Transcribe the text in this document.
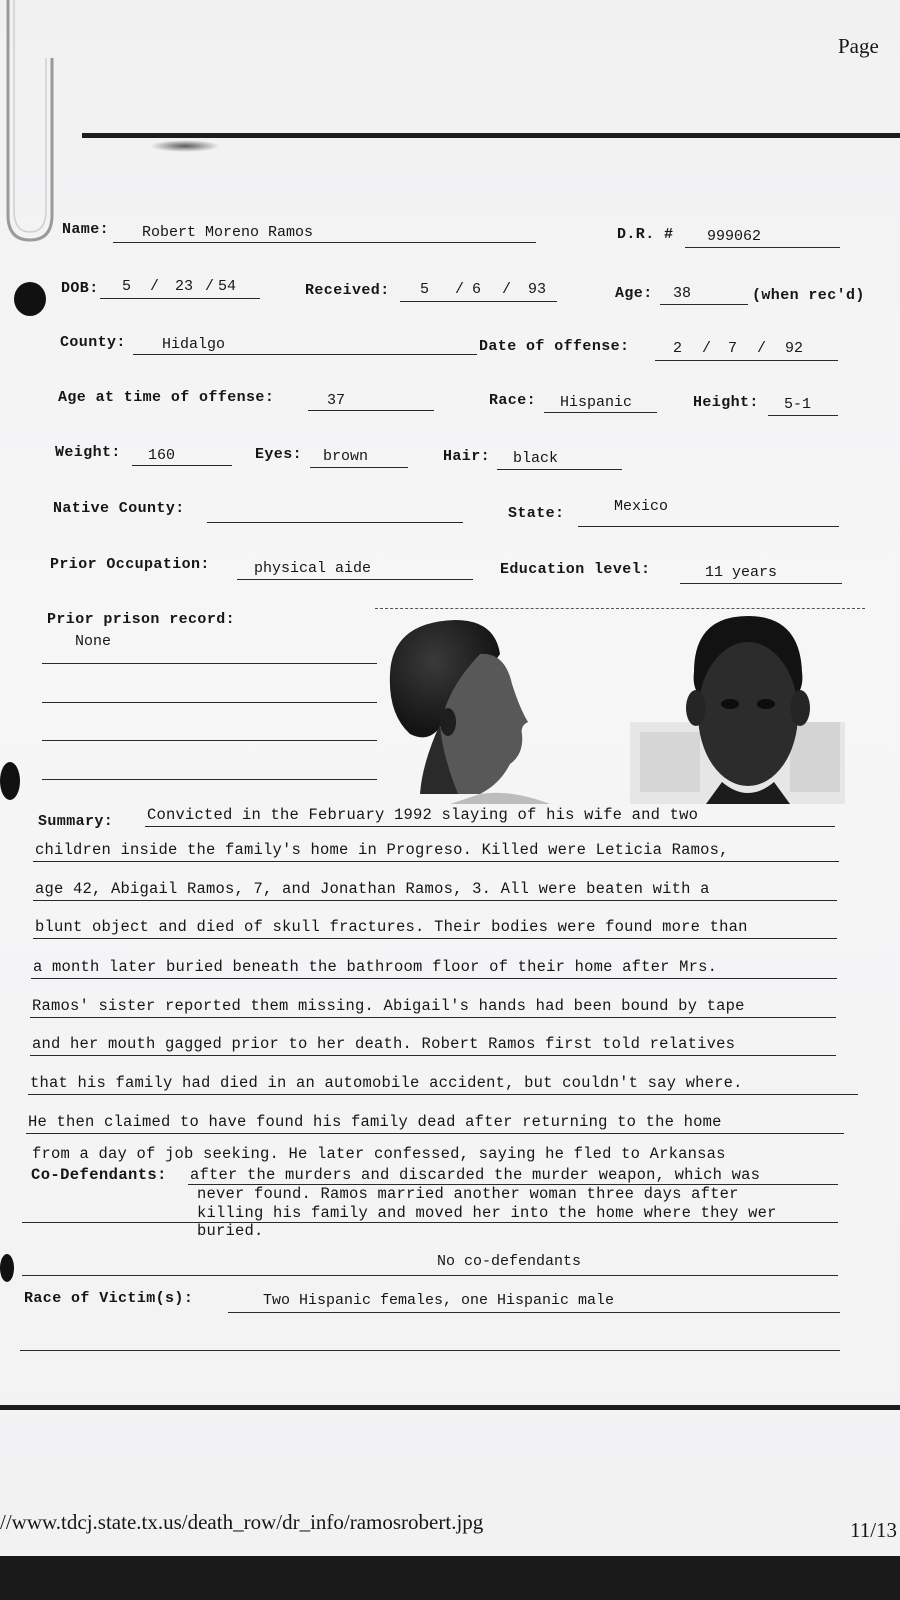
Page
Name: Robert Moreno Ramos	D.R. # 999062
DOB: 5 / 23 / 54	Received: 5 / 6 / 93	Age: 38	(when rec'd)
County: Hidalgo	Date of offense:	2 / 7 / 92
Age at time of offense:	37	Race: Hispanic	Height: 5-1
Weight: 160	Eyes: brown	Hair: black
Native County:	State:	Mexico
Prior Occupation:	physical aide	Education level:	11 years
Prior prison record:
None
Summary: Convicted in the February 1992 slaying of his wife and two
children inside the family's home in Progreso. Killed were Leticia Ramos,
age 42, Abigail Ramos, 7, and Jonathan Ramos, 3. All were beaten with a
blunt object and died of skull fractures. Their bodies were found more than
a month later buried beneath the bathroom floor of their home after Mrs.
Ramos' sister reported them missing. Abigail's hands had been bound by tape
and her mouth gagged prior to her death. Robert Ramos first told relatives
that his family had died in an automobile accident, but couldn't say where.
He then claimed to have found his family dead after returning to the home
from a day of job seeking. He later confessed, saying he fled to Arkansas
Co-Defendants: after the murders and discarded the murder weapon, which was
never found. Ramos married another woman three days after
killing his family and moved her into the home where they wer
buried.
No co-defendants
Race of Victim(s):	Two Hispanic females, one Hispanic male
//www.tdcj.state.tx.us/death_row/dr_info/ramosrobert.jpg	11/13
